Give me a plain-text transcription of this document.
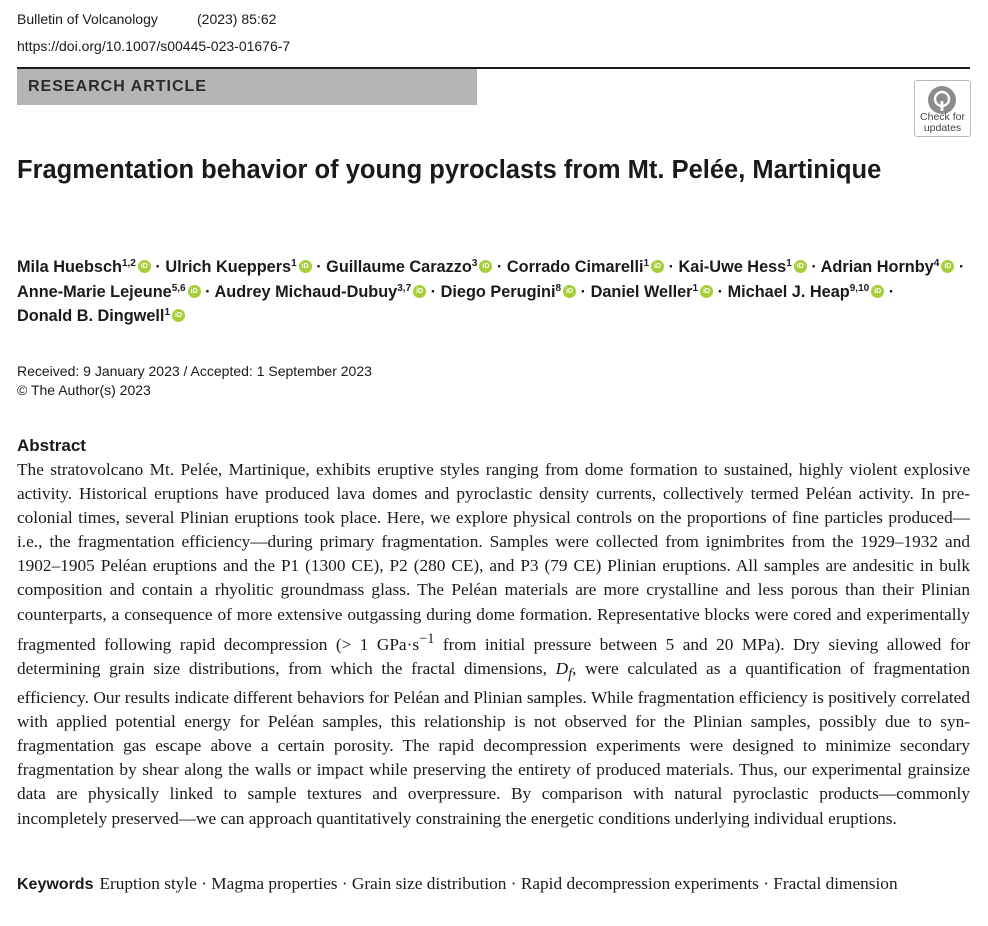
Bulletin of Volcanology	(2023) 85:62
https://doi.org/10.1007/s00445-023-01676-7
RESEARCH ARTICLE
Check for
updates
Fragmentation behavior of young pyroclasts from Mt. Pelée, Martinique
Mila Huebsch$^{1,2}$ iD · Ulrich Kueppers$^1$ iD · Guillaume Carazzo$^3$ iD · Corrado Cimarelli$^1$ iD · Kai-Uwe Hess$^1$ iD · Adrian Hornby$^4$ iD · Anne-Marie Lejeune$^{5,6}$ iD · Audrey Michaud-Dubuy$^{3,7}$ iD · Diego Perugini$^8$ iD · Daniel Weller$^1$ iD · Michael J. Heap$^{9,10}$ iD · Donald B. Dingwell$^1$iD
Received: 9 January 2023 / Accepted: 1 September 2023
© The Author(s) 2023
Abstract

The stratovolcano Mt. Pelée, Martinique, exhibits eruptive styles ranging from dome formation to sustained, highly violent explosive activity. Historical eruptions have produced lava domes and pyroclastic density currents, collectively termed Peléan activity. In pre-colonial times, several Plinian eruptions took place. Here, we explore physical controls on the proportions of fine particles produced—i.e., the fragmentation efficiency—during primary fragmentation. Samples were collected from ignimbrites from the 1929–1932 and 1902–1905 Peléan eruptions and the P1 (1300 CE), P2 (280 CE), and P3 (79 CE) Plinian eruptions. All samples are andesitic in bulk composition and contain a rhyolitic groundmass glass. The Peléan materials are more crystalline and less porous than their Plinian counterparts, a consequence of more extensive outgassing during dome formation. Representative blocks were cored and experimentally fragmented following rapid decompression (> 1 $GPa\cdot s^{-1}$ from initial pressure between 5 and 20 MPa). Dry sieving allowed for determining grain size distributions, from which the fractal dimensions, $D_f$, were calculated as a quantification of fragmentation efficiency. Our results indicate different behaviors for Peléan and Plinian samples. While fragmentation efficiency is positively correlated with applied potential energy for Peléan samples, this relationship is not observed for the Plinian samples, possibly due to syn-fragmentation gas escape above a certain porosity. The rapid decompression experiments were designed to minimize secondary fragmentation by shear along the walls or impact while preserving the entirety of produced materials. Thus, our experimental grainsize data are physically linked to sample textures and overpressure. By comparison with natural pyroclastic products—commonly incompletely preserved—we can approach quantitatively constraining the energetic conditions underlying individual eruptions.

Keywords Eruption style · Magma properties · Grain size distribution · Rapid decompression experiments · Fractal dimension
